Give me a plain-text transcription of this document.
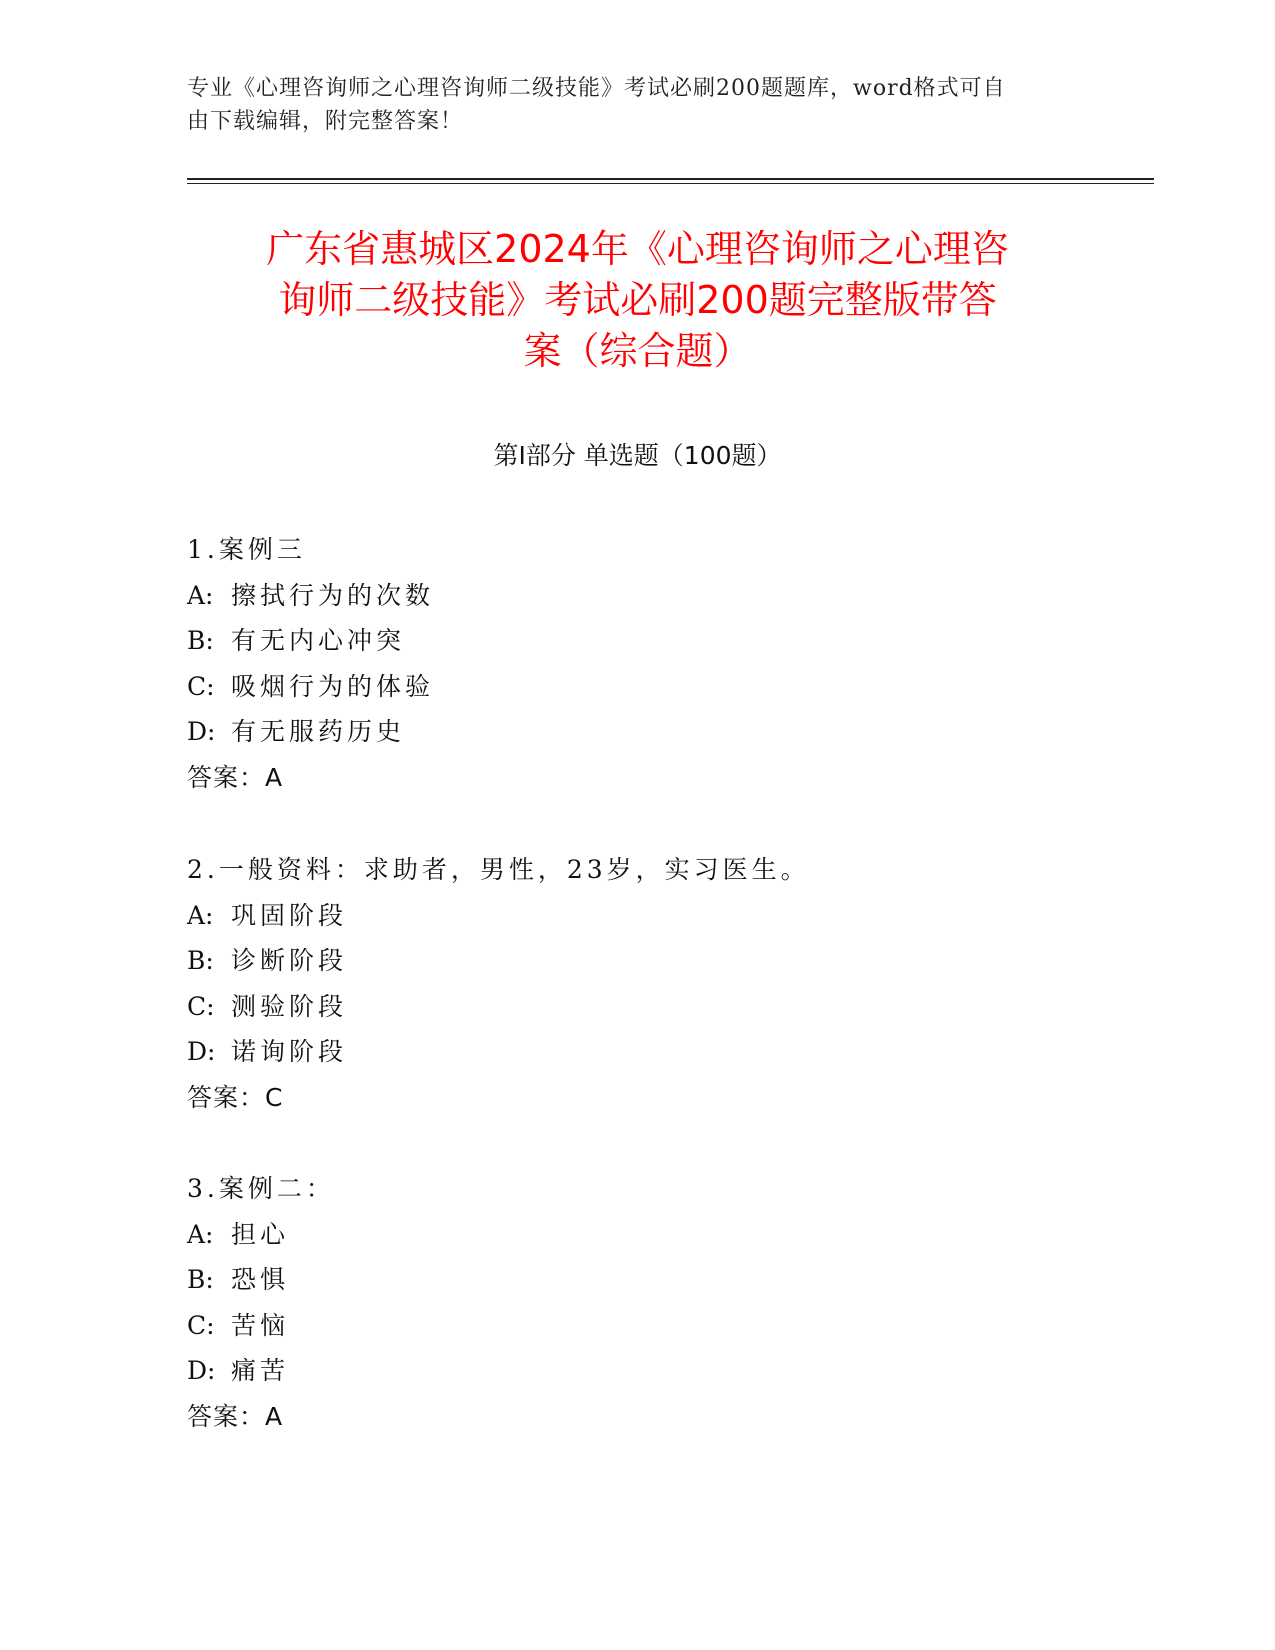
专业《心理咨询师之心理咨询师二级技能》考试必刷200题题库，word格式可自
由下载编辑，附完整答案！
广东省惠城区2024年《心理咨询师之心理咨
询师二级技能》考试必刷200题完整版带答
案（综合题）
第I部分 单选题（100题）
1.案例三
A: 擦拭行为的次数
B: 有无内心冲突
C: 吸烟行为的体验
D: 有无服药历史
答案：A
2.一般资料：求助者，男性，23岁，实习医生。
A: 巩固阶段
B: 诊断阶段
C: 测验阶段
D: 诺询阶段
答案：C
3.案例二：
A: 担心
B: 恐惧
C: 苦恼
D: 痛苦
答案：A
